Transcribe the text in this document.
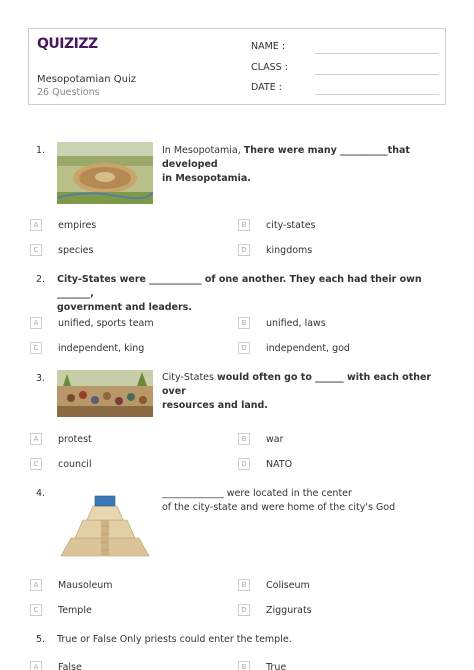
QUIZIZZ
Mesopotamian Quiz
26 Questions
NAME :
CLASS :
DATE :
1.	In Mesopotamia, There were many __________that developed
in Mesopotamia.
A	empires	B	city-states
C	species	D	kingdoms
2. City-States were ___________ of one another. They each had their own _______,
government and leaders.
A	unified, sports team	B	unified, laws
C	independent, king	D	independent, god
3.	City-States would often go to ______ with each other over
resources and land.
A	protest	B	war
C	council	D	NATO
4.	_____________ were located in the center
of the city-state and were home of the city's God
A	Mausoleum	B	Coliseum
C	Temple	D	Ziggurats
5. True or False Only priests could enter the temple.
A	False	B	True
